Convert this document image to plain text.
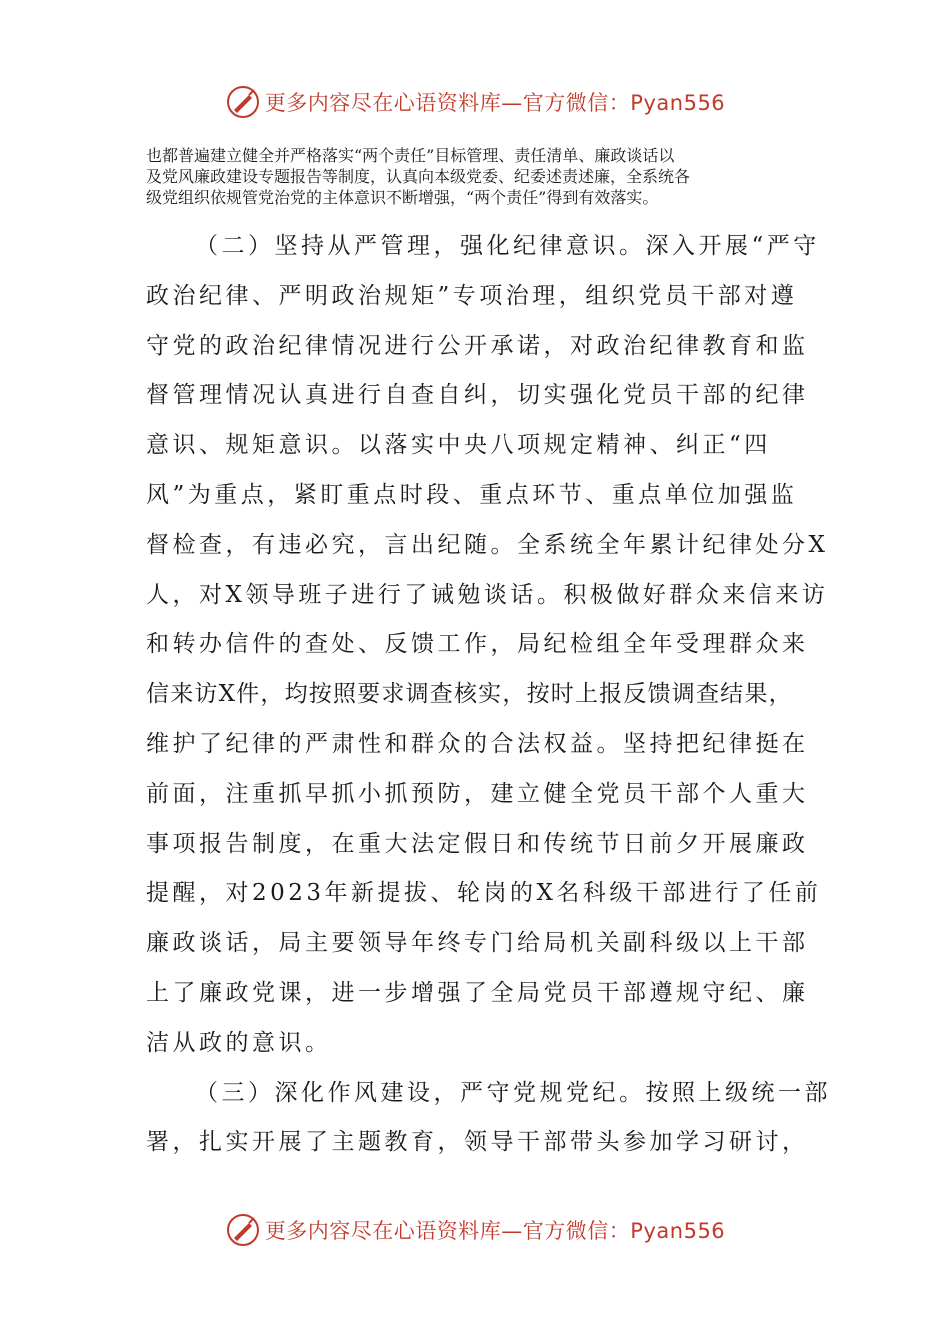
更多内容尽在心语资料库—官方微信：Pyan556

也都普遍建立健全并严格落实“两个责任”目标管理、责任清单、廉政谈话以

及党风廉政建设专题报告等制度，认真向本级党委、纪委述责述廉，全系统各

级党组织依规管党治党的主体意识不断增强，“两个责任”得到有效落实。

（二）坚持从严管理，强化纪律意识。深入开展“严守
政治纪律、严明政治规矩”专项治理，组织党员干部对遵
守党的政治纪律情况进行公开承诺，对政治纪律教育和监
督管理情况认真进行自查自纠，切实强化党员干部的纪律
意识、规矩意识。以落实中央八项规定精神、纠正“四
风”为重点，紧盯重点时段、重点环节、重点单位加强监
督检查，有违必究，言出纪随。全系统全年累计纪律处分X
人，对X领导班子进行了诫勉谈话。积极做好群众来信来访
和转办信件的查处、反馈工作，局纪检组全年受理群众来
信来访X件，均按照要求调查核实，按时上报反馈调查结果，
维护了纪律的严肃性和群众的合法权益。坚持把纪律挺在
前面，注重抓早抓小抓预防，建立健全党员干部个人重大
事项报告制度，在重大法定假日和传统节日前夕开展廉政
提醒，对2023年新提拔、轮岗的X名科级干部进行了任前
廉政谈话，局主要领导年终专门给局机关副科级以上干部
上了廉政党课，进一步增强了全局党员干部遵规守纪、廉
洁从政的意识。
（三）深化作风建设，严守党规党纪。按照上级统一部
署，扎实开展了主题教育，领导干部带头参加学习研讨，
更多内容尽在心语资料库—官方微信：Pyan556
